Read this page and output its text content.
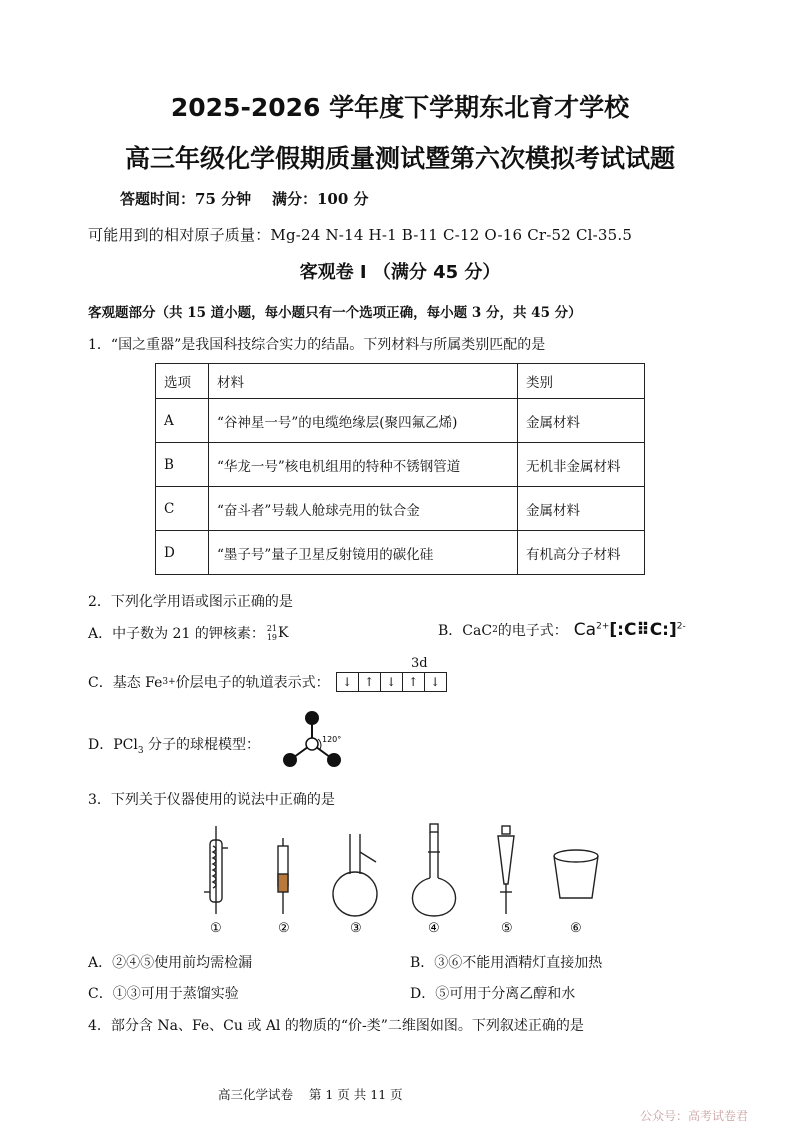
2025-2026 学年度下学期东北育才学校
高三年级化学假期质量测试暨第六次模拟考试试题
答题时间：75 分钟    满分：100 分
可能用到的相对原子质量：Mg-24 N-14 H-1 B-11 C-12 O-16 Cr-52 Cl-35.5
客观卷 I （满分 45 分）
客观题部分（共 15 道小题，每小题只有一个选项正确，每小题 3 分，共 45 分）
1．“国之重器”是我国科技综合实力的结晶。下列材料与所属类别匹配的是
选项	材料	类别
A	“谷神星一号”的电缆绝缘层(聚四氟乙烯)	金属材料
B	“华龙一号”核电机组用的特种不锈钢管道	无机非金属材料
C	“奋斗者”号载人舱球壳用的钛合金	金属材料
D	“墨子号”量子卫星反射镜用的碳化硅	有机高分子材料
2．下列化学用语或图示正确的是
A．中子数为 21 的钾核素： 21
19 K	B．CaC 2 的电子式： $Ca^{2+}[:C⠿C:]^{2-}$
3d
C．基态 Fe 3+ 价层电子的轨道表示式：	↓ ↑ ↓ ↑ ↓
D．PCl$_3$ 分子的球棍模型：	120°
3．下列关于仪器使用的说法中正确的是
①	②	③	④	⑤	⑥
A．②④⑤使用前均需检漏	B．③⑥不能用酒精灯直接加热
C．①③可用于蒸馏实验	D．⑤可用于分离乙醇和水
4．部分含 Na、Fe、Cu 或 Al 的物质的“价-类”二维图如图。下列叙述正确的是
高三化学试卷    第 1 页 共 11 页
公众号：高考试卷君
